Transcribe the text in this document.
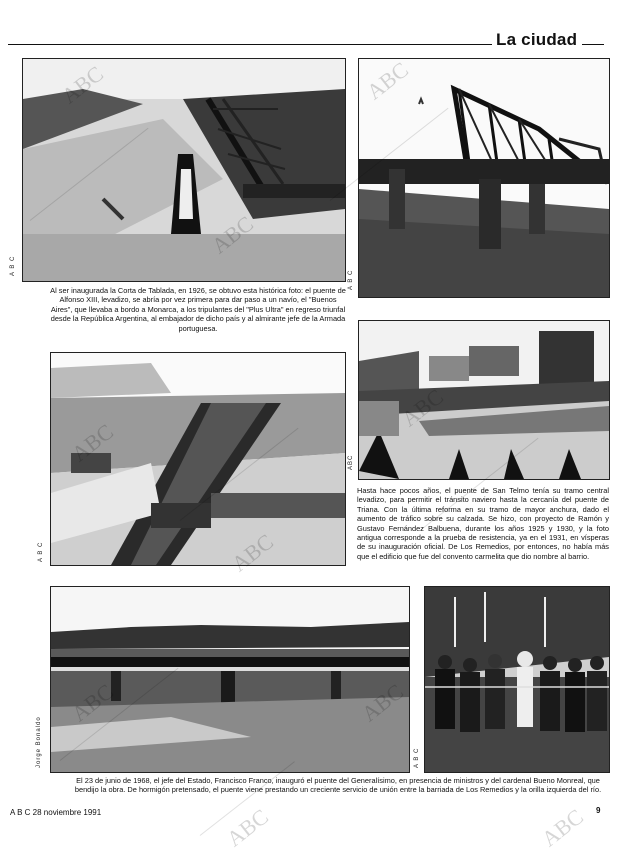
La ciudad
A B C
A B C
Al ser inaugurada la Corta de Tablada, en 1926, se obtuvo esta histórica foto: el puente de Alfonso XIII, levadizo, se abría por vez primera para dar paso a un navío, el "Buenos Aires", que llevaba a bordo a Monarca, a los tripulantes del "Plus Ultra" en regreso triunfal desde la República Argentina, al embajador de dicho país y al almirante jefe de la Armada portuguesa.
A B C
ABC
Hasta hace pocos años, el puente de San Telmo tenía su tramo central levadizo, para permitir el tránsito naviero hasta la cercanía del puente de Triana. Con la última reforma en su tramo de mayor anchura, dado el aumento de tráfico sobre su calzada. Se hizo, con proyecto de Ramón y Gustavo Fernández Balbuena, durante los años 1925 y 1930, y la foto antigua corresponde a la prueba de resistencia, ya en el 1931, en vísperas de su inauguración oficial. De Los Remedios, por entonces, no había más que el edificio que fue del convento carmelita que dio nombre al barrio.
Jorge Bonaldo	A B C
El 23 de junio de 1968, el jefe del Estado, Francisco Franco, inauguró el puente del Generalísimo, en presencia de ministros y del cardenal Bueno Monreal, que bendijo la obra. De hormigón pretensado, el puente viene prestando un creciente servicio de unión entre la barriada de Los Remedios y la orilla izquierda del río.
A B C 28 noviembre 1991	9
ABC	ABC
